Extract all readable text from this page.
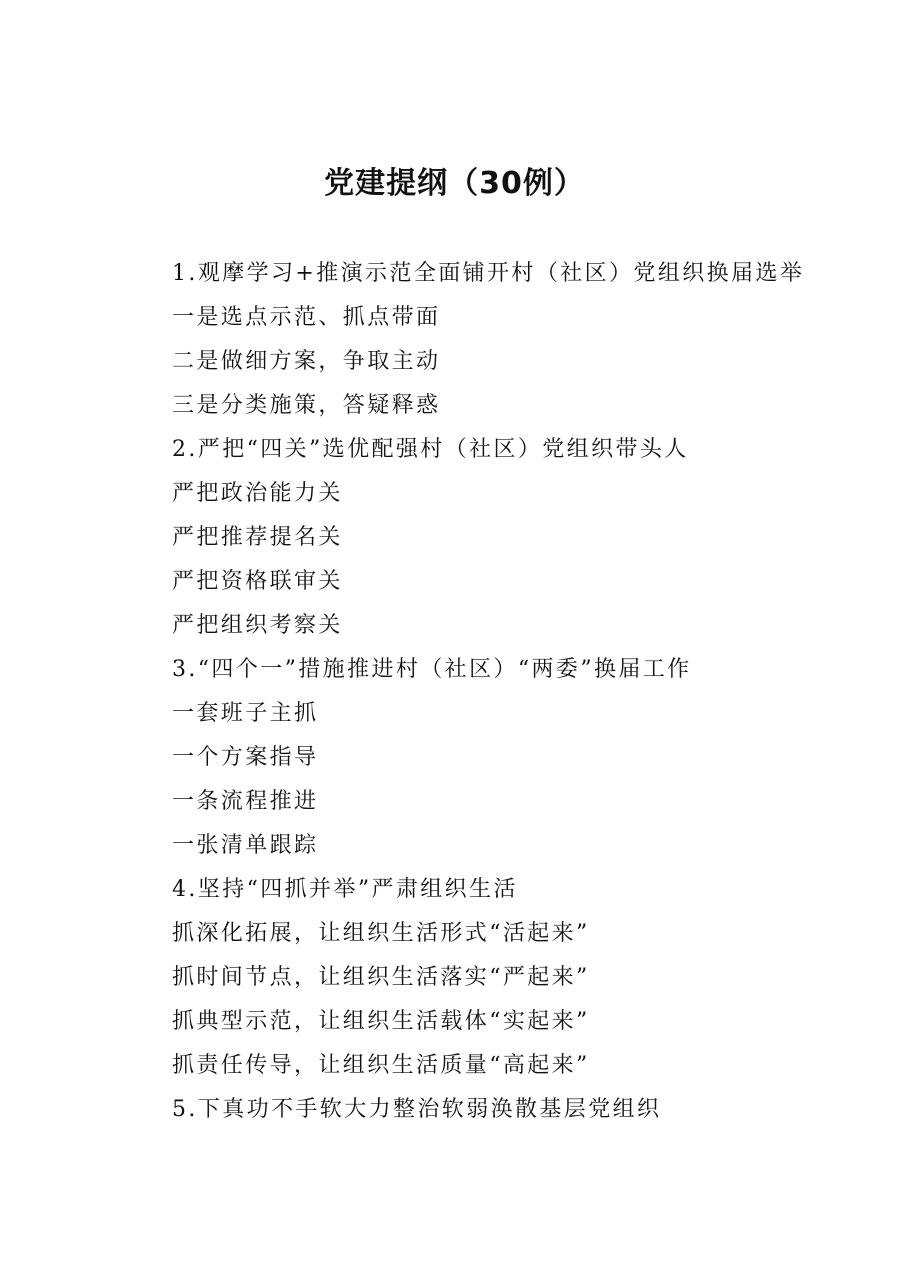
党建提纲（30例）
1.观摩学习+推演示范全面铺开村（社区）党组织换届选举
一是选点示范、抓点带面
二是做细方案，争取主动
三是分类施策，答疑释惑
2.严把“四关”选优配强村（社区）党组织带头人
严把政治能力关
严把推荐提名关
严把资格联审关
严把组织考察关
3.“四个一”措施推进村（社区）“两委”换届工作
一套班子主抓
一个方案指导
一条流程推进
一张清单跟踪
4.坚持“四抓并举”严肃组织生活
抓深化拓展，让组织生活形式“活起来”
抓时间节点，让组织生活落实“严起来”
抓典型示范，让组织生活载体“实起来”
抓责任传导，让组织生活质量“高起来”
5.下真功不手软大力整治软弱涣散基层党组织
